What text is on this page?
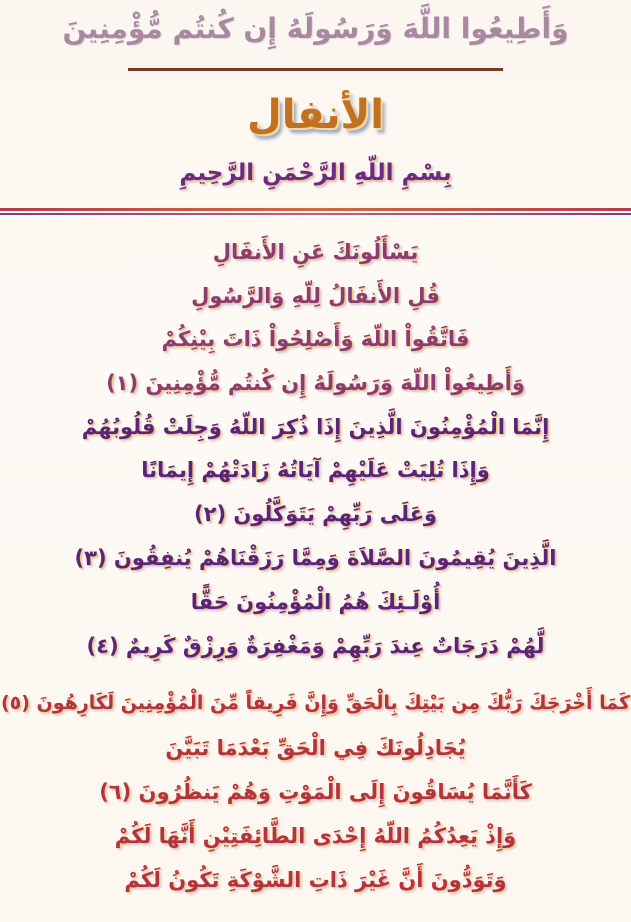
وَأَطِيعُوا اللَّهَ وَرَسُولَهُ إِن كُنتُم مُّؤْمِنِينَ
الأنفال
بِسْمِ اللّهِ الرَّحْمَنِ الرَّحِيمِ
يَسْأَلُونَكَ عَنِ الأَنفَالِ
قُلِ الأَنفَالُ لِلّهِ وَالرَّسُولِ
فَاتَّقُواْ اللّهَ وَأَصْلِحُواْ ذَاتَ بِيْنِكُمْ
وَأَطِيعُواْ اللّهَ وَرَسُولَهُ إِن كُنتُم مُّؤْمِنِينَ (١)
إِنَّمَا الْمُؤْمِنُونَ الَّذِينَ إِذَا ذُكِرَ اللّهُ وَجِلَتْ قُلُوبُهُمْ
وَإِذَا تُلِيَتْ عَلَيْهِمْ آيَاتُهُ زَادَتْهُمْ إِيمَانًا
وَعَلَى رَبِّهِمْ يَتَوَكَّلُونَ (٢)
الَّذِينَ يُقِيمُونَ الصَّلاَةَ وَمِمَّا رَزَقْنَاهُمْ يُنفِقُونَ (٣)
أُوْلَـئِكَ هُمُ الْمُؤْمِنُونَ حَقًّا
لَّهُمْ دَرَجَاتٌ عِندَ رَبِّهِمْ وَمَغْفِرَةٌ وَرِزْقٌ كَرِيمٌ (٤)
كَمَا أَخْرَجَكَ رَبُّكَ مِن بَيْتِكَ بِالْحَقِّ وَإِنَّ فَرِيقاً مِّنَ الْمُؤْمِنِينَ لَكَارِهُونَ (٥)
يُجَادِلُونَكَ فِي الْحَقِّ بَعْدَمَا تَبَيَّنَ
كَأَنَّمَا يُسَاقُونَ إِلَى الْمَوْتِ وَهُمْ يَنظُرُونَ (٦)
وَإِذْ يَعِدُكُمُ اللّهُ إِحْدَى الطَّائِفَتِيْنِ أَنَّهَا لَكُمْ
وَتَوَدُّونَ أَنَّ غَيْرَ ذَاتِ الشَّوْكَةِ تَكُونُ لَكُمْ
